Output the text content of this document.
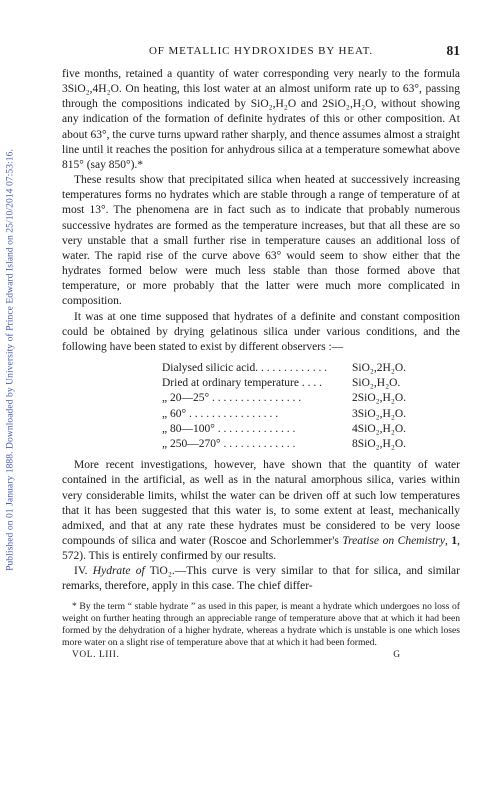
Published on 01 January 1888. Downloaded by University of Prince Edward Island on 25/10/2014 07:53:16.
OF METALLIC HYDROXIDES BY HEAT.	81

five months, retained a quantity of water corresponding very nearly to the formula 3SiO₂,4H₂O. On heating, this lost water at an almost uniform rate up to 63°, passing through the compositions indicated by SiO₂,H₂O and 2SiO₂,H₂O, without showing any indication of the formation of definite hydrates of this or other composition. At about 63°, the curve turns upward rather sharply, and thence assumes almost a straight line until it reaches the position for anhydrous silica at a temperature somewhat above 815° (say 850°).*

These results show that precipitated silica when heated at successively increasing temperatures forms no hydrates which are stable through a range of temperature of at most 13°. The phenomena are in fact such as to indicate that probably numerous successive hydrates are formed as the temperature increases, but that all these are so very unstable that a small further rise in temperature causes an additional loss of water. The rapid rise of the curve above 63° would seem to show either that the hydrates formed below were much less stable than those formed above that temperature, or more probably that the latter were much more complicated in composition.

It was at one time supposed that hydrates of a definite and constant composition could be obtained by drying gelatinous silica under various conditions, and the following have been stated to exist by different observers :—

Dialysed silicic acid. . . . . . . . . . . . .	SiO₂,2H₂O.
Dried at ordinary temperature . . . .	SiO₂,H₂O.
„ 20—25° . . . . . . . . . . . . . . . .	2SiO₂,H₂O.
„ 60° . . . . . . . . . . . . . . . .	3SiO₂,H₂O.
„ 80—100° . . . . . . . . . . . . . .	4SiO₂,H₂O.
„ 250—270° . . . . . . . . . . . . .	8SiO₂,H₂O.

More recent investigations, however, have shown that the quantity of water contained in the artificial, as well as in the natural amorphous silica, varies within very considerable limits, whilst the water can be driven off at such low temperatures that it has been suggested that this water is, to some extent at least, mechanically admixed, and that at any rate these hydrates must be considered to be very loose compounds of silica and water (Roscoe and Schorlemmer's Treatise on Chemistry, 1, 572). This is entirely confirmed by our results.

IV. Hydrate of TiO₂.—This curve is very similar to that for silica, and similar remarks, therefore, apply in this case. The chief differ-

* By the term “ stable hydrate ” as used in this paper, is meant a hydrate which undergoes no loss of weight on further heating through an appreciable range of temperature above that at which it had been formed by the dehydration of a higher hydrate, whereas a hydrate which is unstable is one which loses more water on a slight rise of temperature above that at which it had been formed.

VOL. LIII.	G
